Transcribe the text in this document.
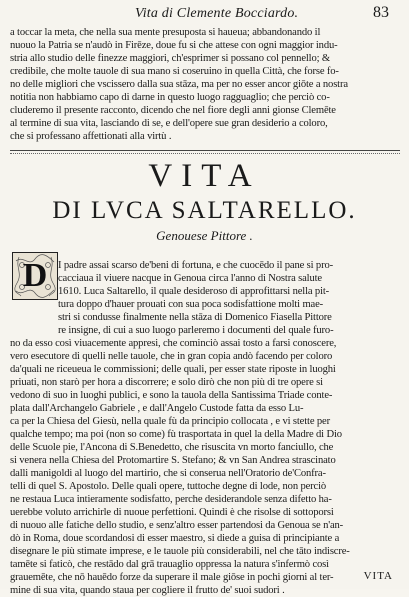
Vita di Clemente Bocciardo.	83
a toccar la meta, che nella sua mente presuposta si haueua; abbandonando il
nuouo la Patria se n'audò in Firēze, doue fu si che attese con ogni maggior indu-
stria allo studio delle finezze maggiori, ch'esprimer si possano col pennello; &
credibile, che molte tauole di sua mano si coseruino in quella Città, che forse fo-
no delle migliori che vscissero dalla sua stāza, ma per no esser ancor giōte a nostra
notitia non habbiamo capo di darne in questo luogo ragguaglio; che perciò co-
cluderemo il presente racconto, dicendo che nel fiore degli anni gionse Clemēte
al termine di sua vita, lasciando di se, e dell'opere sue gran desiderio a coloro,
che si professano affettionati alla virtù .
VITA
DI LVCA SALTARELLO.
Genouese Pittore .
D	I padre assai scarso de'beni di fortuna, e che cuocēdo il pane si pro-
cacciaua il viuere nacque in Genoua circa l'anno di Nostra salute
1610. Luca Saltarello, il quale desideroso di approfittarsi nella pit-
tura doppo d'hauer prouati con sua poca sodisfattione molti mae-
stri si condusse finalmente nella stāza di Domenico Fiasella Pittore
re insigne, di cui a suo luogo parleremo i documenti del quale furo-
no da esso così viuacemente appresi, che cominciò assai tosto a farsi conoscere,
vero esecutore di quelli nelle tauole, che in gran copia andò facendo per coloro
da'quali ne riceueua le commissioni; delle quali, per esser state riposte in luoghi
priuati, non starò per hora a discorrere; e solo dirò che non più di tre opere si
vedono di suo in luoghi publici, e sono la tauola della Santissima Triade conte-
plata dall'Archangelo Gabriele , e dall'Angelo Custode fatta da esso Lu-
ca per la Chiesa del Giesù, nella quale fù da principio collocata , e vi stette per
qualche tempo; ma poi (non so come) fù trasportata in quel la della Madre di Dio
delle Scuole pie, l'Ancona di S.Benedetto, che risuscita vn morto fanciullo, che
si venera nella Chiesa del Protomartire S. Stefano; & vn San Andrea strascinato
dalli manigoldi al luogo del martirio, che si conserua nell'Oratorio de'Confra-
telli di quel S. Apostolo. Delle quali opere, tuttoche degne di lode, non perciò
ne restaua Luca intieramente sodisfatto, perche desiderandole senza difetto ha-
uerebbe voluto arrichirle di nuoue perfettioni. Quindi è che risolse di sottoporsi
di nuouo alle fatiche dello studio, e senz'altro esser partendosi da Genoua se n'an-
dò in Roma, doue scordandosi di esser maestro, si diede a guisa di principiante a
disegnare le più stimate imprese, e le tauole più considerabili, nel che tāto indiscre-
tamēte si faticò, che restādo dal grā trauaglio oppressa la natura s'infermò così
grauemēte, che nō hauēdo forze da superare il male giōse in pochi giorni al ter-
mine di sua vita, quando staua per cogliere il frutto de' suoi sudori .
VITA
